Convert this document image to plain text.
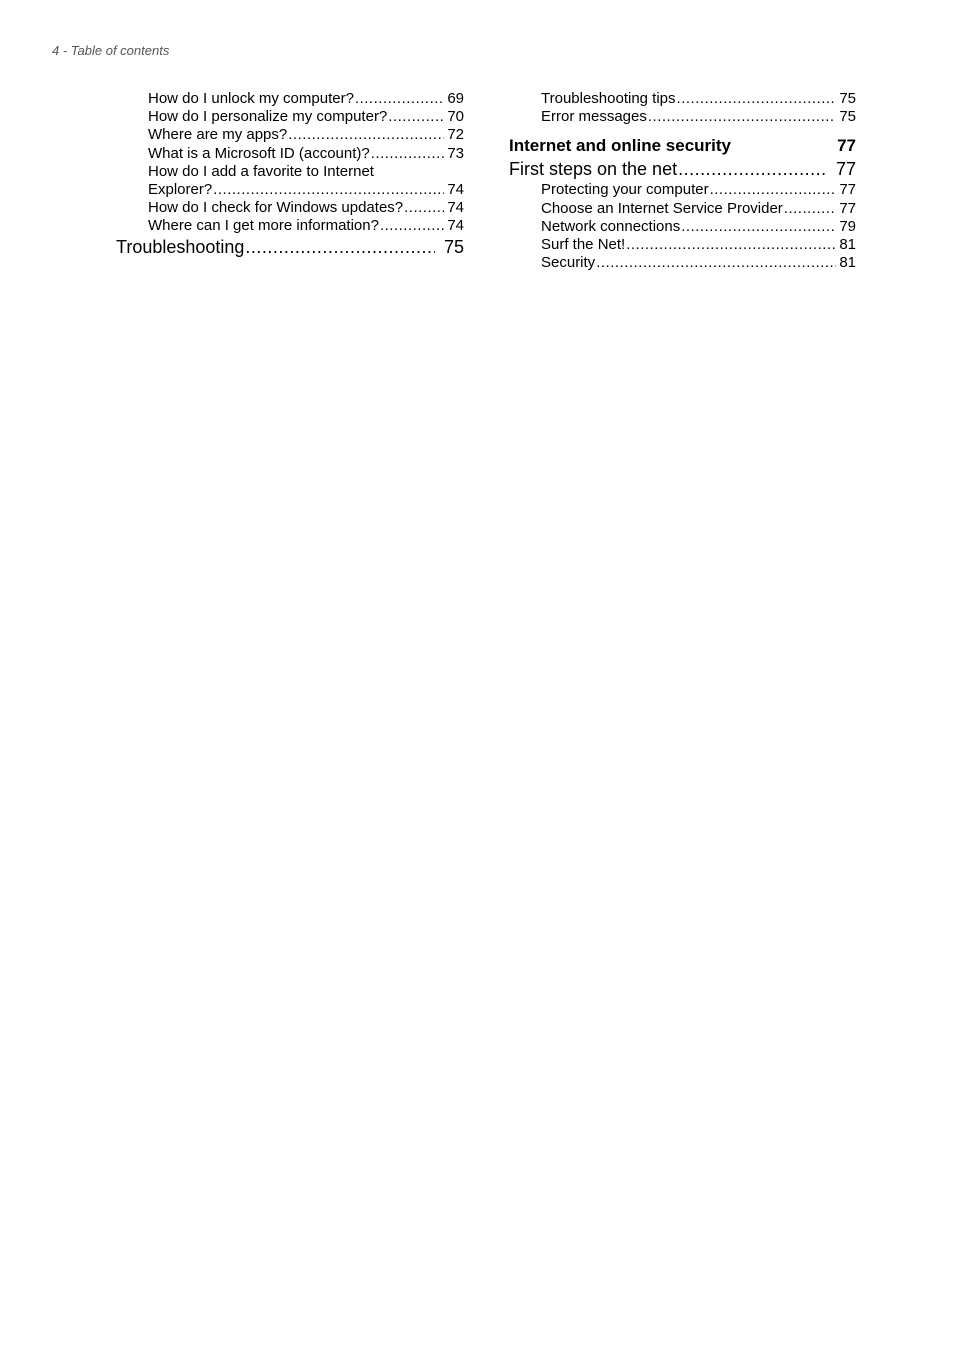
4 - Table of contents
How do I unlock my computer? .....	69
How do I personalize my computer? .....	70
Where are my apps? .....	72
What is a Microsoft ID (account)? .....	73
How do I add a favorite to Internet
Explorer? .....	74
How do I check for Windows updates? .....	74
Where can I get more information? .....	74
Troubleshooting .....	75
Troubleshooting tips .....	75
Error messages .....	75
Internet and online security	77
First steps on the net .....	77
Protecting your computer .....	77
Choose an Internet Service Provider .....	77
Network connections .....	79
Surf the Net! .....	81
Security .....	81
